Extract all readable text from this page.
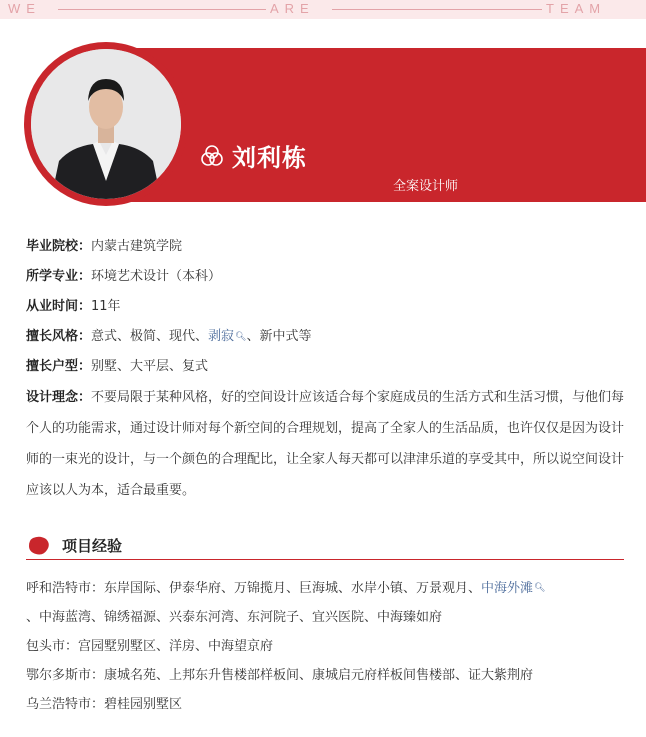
WE	ARE	TEAM
刘利栋
全案设计师
毕业院校：内蒙古建筑学院
所学专业：环境艺术设计（本科）
从业时间：11年
擅长风格：意式、极简、现代、剥寂🔍︎、新中式等
擅长户型：别墅、大平层、复式
设计理念：不要局限于某种风格，好的空间设计应该适合每个家庭成员的生活方式和生活习惯，与他们每个人的功能需求，通过设计师对每个新空间的合理规划，提高了全家人的生活品质，也许仅仅是因为设计师的一束光的设计，与一个颜色的合理配比，让全家人每天都可以津津乐道的享受其中，所以说空间设计应该以人为本，适合最重要。
项目经验
呼和浩特市：东岸国际、伊泰华府、万锦揽月、巨海城、水岸小镇、万景观月、中海外滩🔍︎
、中海蓝湾、锦绣福源、兴泰东河湾、东河院子、宜兴医院、中海臻如府
包头市：宫园墅别墅区、洋房、中海望京府
鄂尔多斯市：康城名苑、上邦东升售楼部样板间、康城启元府样板间售楼部、证大紫荆府
乌兰浩特市：碧桂园别墅区
